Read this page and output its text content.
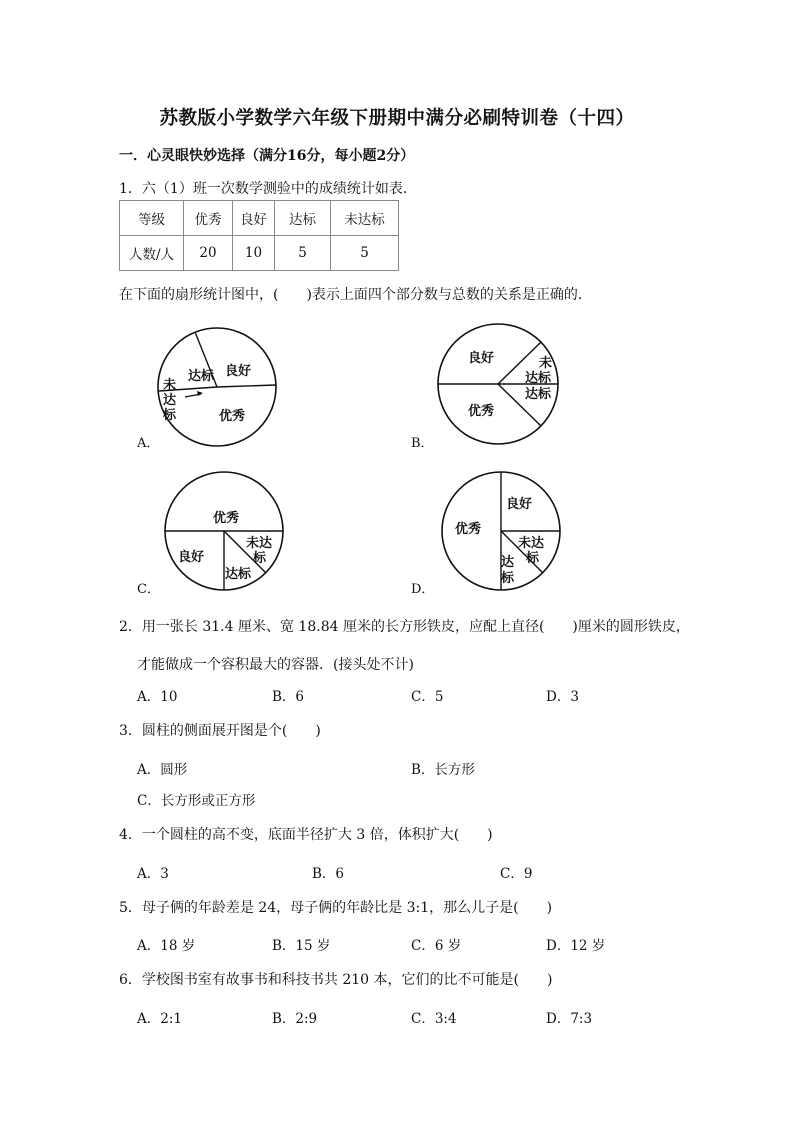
苏教版小学数学六年级下册期中满分必刷特训卷（十四）
一．心灵眼快妙选择（满分16分，每小题2分）
1．六（1）班一次数学测验中的成绩统计如表．
等级	优秀	良好	达标	未达标
人数/人	20	10	5	5
在下面的扇形统计图中，(　　)表示上面四个部分数与总数的关系是正确的．
A．
良好
达标
优秀
未
达
标
B．
良好
优秀
未
达标
达标
C．
优秀
良好
未达
标
达标
D．
优秀
良好
未达
标
达
标
2．用一张长 31.4 厘米、宽 18.84 厘米的长方形铁皮，应配上直径(　　)厘米的圆形铁皮，
才能做成一个容积最大的容器．(接头处不计)
A．10	B．6	C．5	D．3
3．圆柱的侧面展开图是个(　　)
A．圆形	B．长方形
C．长方形或正方形
4．一个圆柱的高不变，底面半径扩大 3 倍，体积扩大(　　)
A．3	B．6	C．9
5．母子俩的年龄差是 24，母子俩的年龄比是 3:1，那么儿子是(　　)
A．18 岁	B．15 岁	C．6 岁	D．12 岁
6．学校图书室有故事书和科技书共 210 本，它们的比不可能是(　　)
A．2:1	B．2:9	C．3:4	D．7:3
